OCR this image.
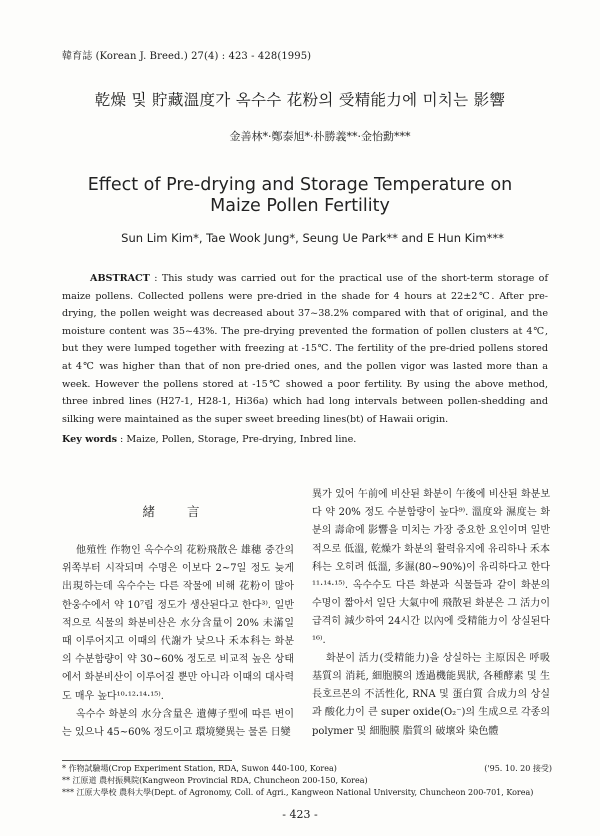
韓育誌 (Korean J. Breed.) 27(4) : 423 - 428(1995)
乾燥 및 貯藏溫度가 옥수수 花粉의 受精能力에 미치는 影響
金善林*·鄭泰旭*·朴勝義**·金怡勳***
Effect of Pre-drying and Storage Temperature on
Maize Pollen Fertility
Sun Lim Kim*, Tae Wook Jung*, Seung Ue Park** and E Hun Kim***
ABSTRACT : This study was carried out for the practical use of the short-term storage of maize pollens. Collected pollens were pre-dried in the shade for 4 hours at 22±2℃. After pre-drying, the pollen weight was decreased about 37~38.2% compared with that of original, and the moisture content was 35~43%. The pre-drying prevented the formation of pollen clusters at 4℃, but they were lumped together with freezing at -15℃. The fertility of the pre-dried pollens stored at 4℃ was higher than that of non pre-dried ones, and the pollen vigor was lasted more than a week. However the pollens stored at -15℃ showed a poor fertility. By using the above method, three inbred lines (H27-1, H28-1, Hi36a) which had long intervals between pollen-shedding and silking were maintained as the super sweet breeding lines(bt) of Hawaii origin.
Key words : Maize, Pollen, Storage, Pre-drying, Inbred line.
緒 言

他殖性 作物인 옥수수의 花粉飛散은 雄穗 중간의 위쪽부터 시작되며 수명은 이보다 2~7일 정도 늦게 出現하는데 옥수수는 다른 작물에 비해 花粉이 많아 한웅수에서 약 10⁷립 정도가 생산된다고 한다³⁾. 일반적으로 식물의 화분비산은 水分含量이 20% 未滿일 때 이루어지고 이때의 代謝가 낮으나 禾本科는 화분의 수분함량이 약 30~60% 정도로 비교적 높은 상태에서 화분비산이 이루어질 뿐만 아니라 이때의 대사력도 매우 높다¹⁰·¹²·¹⁴·¹⁵⁾.

옥수수 화분의 水分含量은 遺傳子型에 따른 변이는 있으나 45~60% 정도이고 環境變異는 물론 日變

異가 있어 午前에 비산된 화분이 午後에 비산된 화분보다 약 20% 정도 수분함량이 높다⁹⁾. 溫度와 濕度는 화분의 壽命에 影響을 미치는 가장 중요한 요인이며 일반적으로 低溫, 乾燥가 화분의 활력유지에 유리하나 禾本科는 오히려 低溫, 多濕(80~90%)이 유리하다고 한다¹¹·¹⁴·¹⁵⁾. 옥수수도 다른 화분과 식물들과 같이 화분의 수명이 짧아서 일단 大氣中에 飛散된 화분은 그 活力이 급격히 減少하여 24시간 以內에 受精能力이 상실된다¹⁶⁾.

화분이 活力(受精能力)을 상실하는 主原因은 呼吸基質의 消耗, 細胞膜의 透過機能異狀, 各種酵素 및 生長호르몬의 不活性化, RNA 및 蛋白質 合成力의 상실과 酸化力이 큰 super oxide(O₂⁻)의 生成으로 각종의 polymer 및 細胞膜 脂質의 破壞와 染色體

* 作物試驗場(Crop Experiment Station, RDA, Suwon 440-100, Korea)	('95. 10. 20 接受)
** 江原道 農村振興院(Kangweon Provincial RDA, Chuncheon 200-150, Korea)
*** 江原大學校 農科大學(Dept. of Agronomy, Coll. of Agri., Kangweon National University, Chuncheon 200-701, Korea)
- 423 -
